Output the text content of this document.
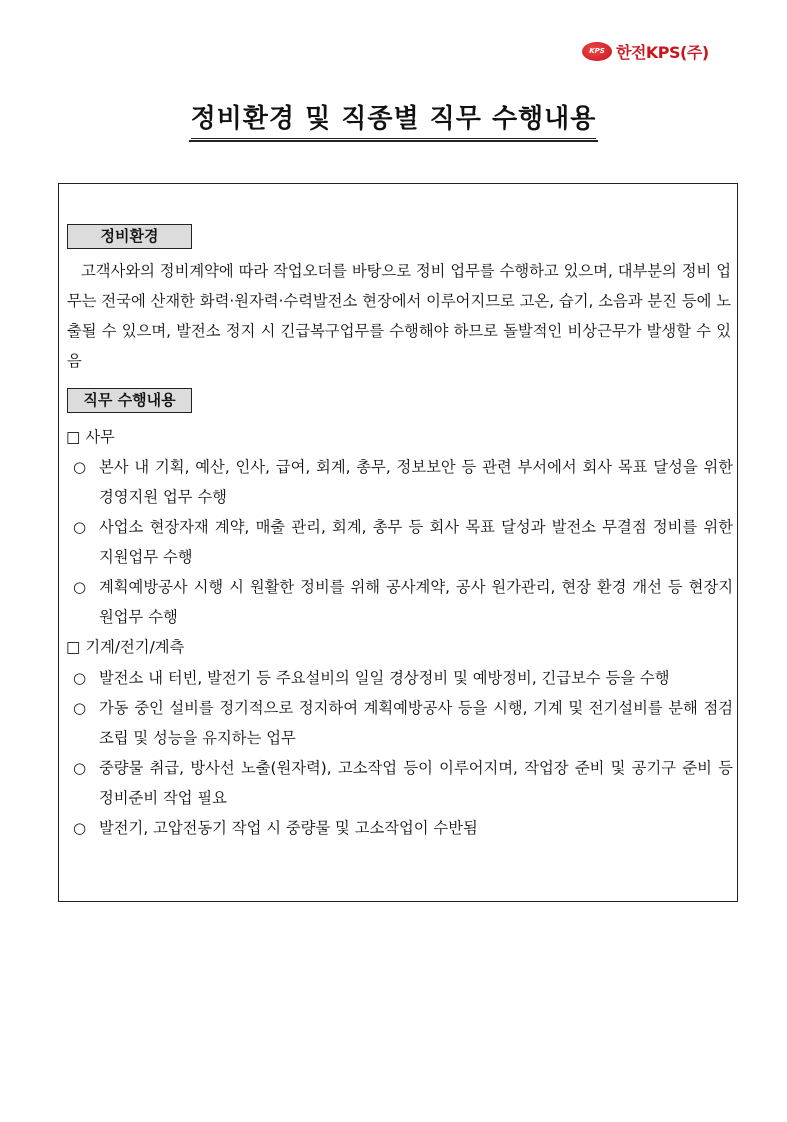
KPS 한전KPS(주)
정비환경 및 직종별 직무 수행내용
정비환경
고객사와의 정비계약에 따라 작업오더를 바탕으로 정비 업무를 수행하고 있으며, 대부분의 정비 업무는 전국에 산재한 화력·원자력·수력발전소 현장에서 이루어지므로 고온, 습기, 소음과 분진 등에 노출될 수 있으며, 발전소 정지 시 긴급복구업무를 수행해야 하므로 돌발적인 비상근무가 발생할 수 있음
직무 수행내용
□ 사무
○ 본사 내 기획, 예산, 인사, 급여, 회계, 총무, 정보보안 등 관련 부서에서 회사 목표 달성을 위한 경영지원 업무 수행
○ 사업소 현장자재 계약, 매출 관리, 회계, 총무 등 회사 목표 달성과 발전소 무결점 정비를 위한 지원업무 수행
○ 계획예방공사 시행 시 원활한 정비를 위해 공사계약, 공사 원가관리, 현장 환경 개선 등 현장지원업무 수행
□ 기계/전기/계측
○ 발전소 내 터빈, 발전기 등 주요설비의 일일 경상정비 및 예방정비, 긴급보수 등을 수행
○ 가동 중인 설비를 정기적으로 정지하여 계획예방공사 등을 시행, 기계 및 전기설비를 분해 점검 조립 및 성능을 유지하는 업무
○ 중량물 취급, 방사선 노출(원자력), 고소작업 등이 이루어지며, 작업장 준비 및 공기구 준비 등 정비준비 작업 필요
○ 발전기, 고압전동기 작업 시 중량물 및 고소작업이 수반됨
